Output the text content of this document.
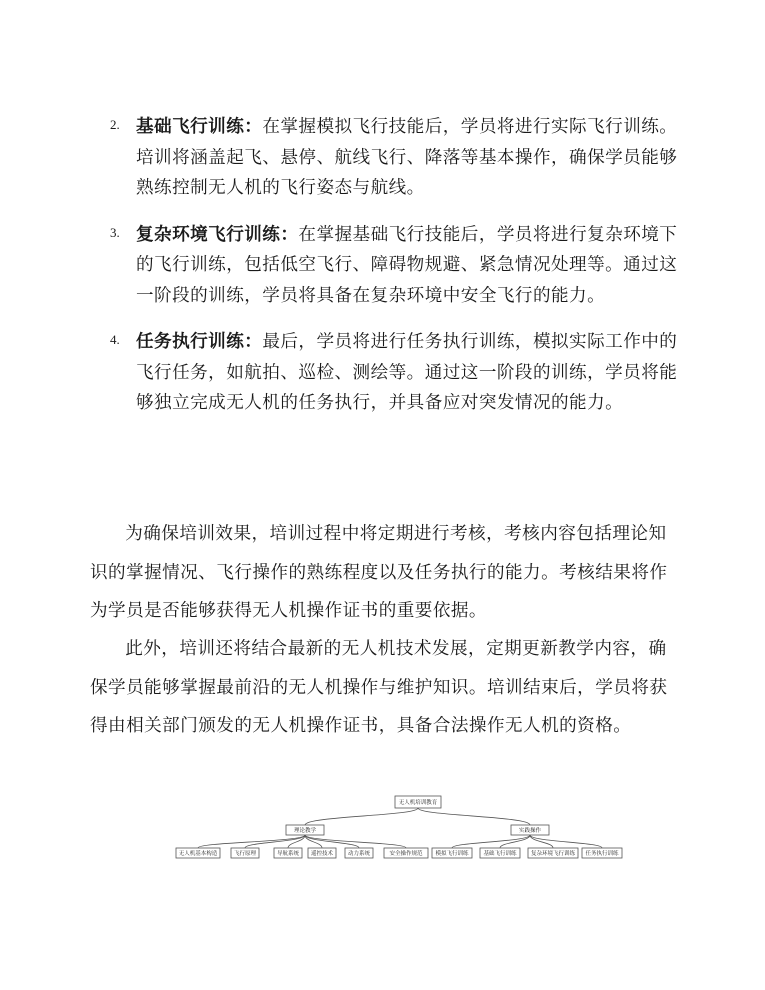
2. 基础飞行训练：在掌握模拟飞行技能后，学员将进行实际飞行训练。培训将涵盖起飞、悬停、航线飞行、降落等基本操作，确保学员能够熟练控制无人机的飞行姿态与航线。
3. 复杂环境飞行训练：在掌握基础飞行技能后，学员将进行复杂环境下的飞行训练，包括低空飞行、障碍物规避、紧急情况处理等。通过这一阶段的训练，学员将具备在复杂环境中安全飞行的能力。
4. 任务执行训练：最后，学员将进行任务执行训练，模拟实际工作中的飞行任务，如航拍、巡检、测绘等。通过这一阶段的训练，学员将能够独立完成无人机的任务执行，并具备应对突发情况的能力。

为确保培训效果，培训过程中将定期进行考核，考核内容包括理论知识的掌握情况、飞行操作的熟练程度以及任务执行的能力。考核结果将作为学员是否能够获得无人机操作证书的重要依据。

此外，培训还将结合最新的无人机技术发展，定期更新教学内容，确保学员能够掌握最前沿的无人机操作与维护知识。培训结束后，学员将获得由相关部门颁发的无人机操作证书，具备合法操作无人机的资格。

无人机培训教育
理论教学	实践操作
无人机基本构造	飞行原理	导航系统 遥控技术	动力系统	安全操作规范 模拟飞行训练	基础飞行训练	复杂环境飞行训练 任务执行训练
